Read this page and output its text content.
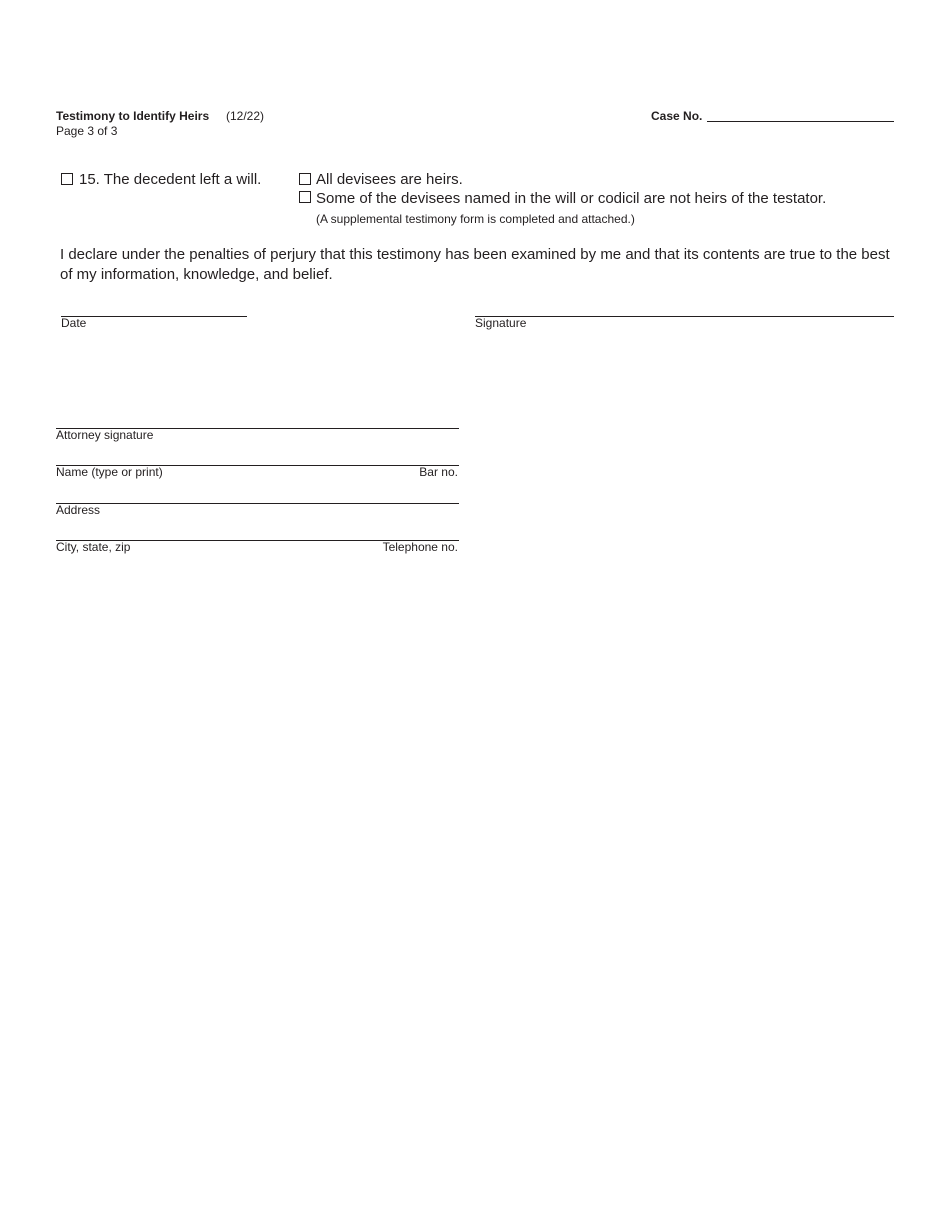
Testimony to Identify Heirs (12/22)
Page 3 of 3
Case No.
15. The decedent left a will.	All devisees are heirs.
Some of the devisees named in the will or codicil are not heirs of the testator.
(A supplemental testimony form is completed and attached.)
I declare under the penalties of perjury that this testimony has been examined by me and that its contents are true to the best of my information, knowledge, and belief.
Date	Signature
Attorney signature
Name (type or print)	Bar no.
Address
City, state, zip	Telephone no.
